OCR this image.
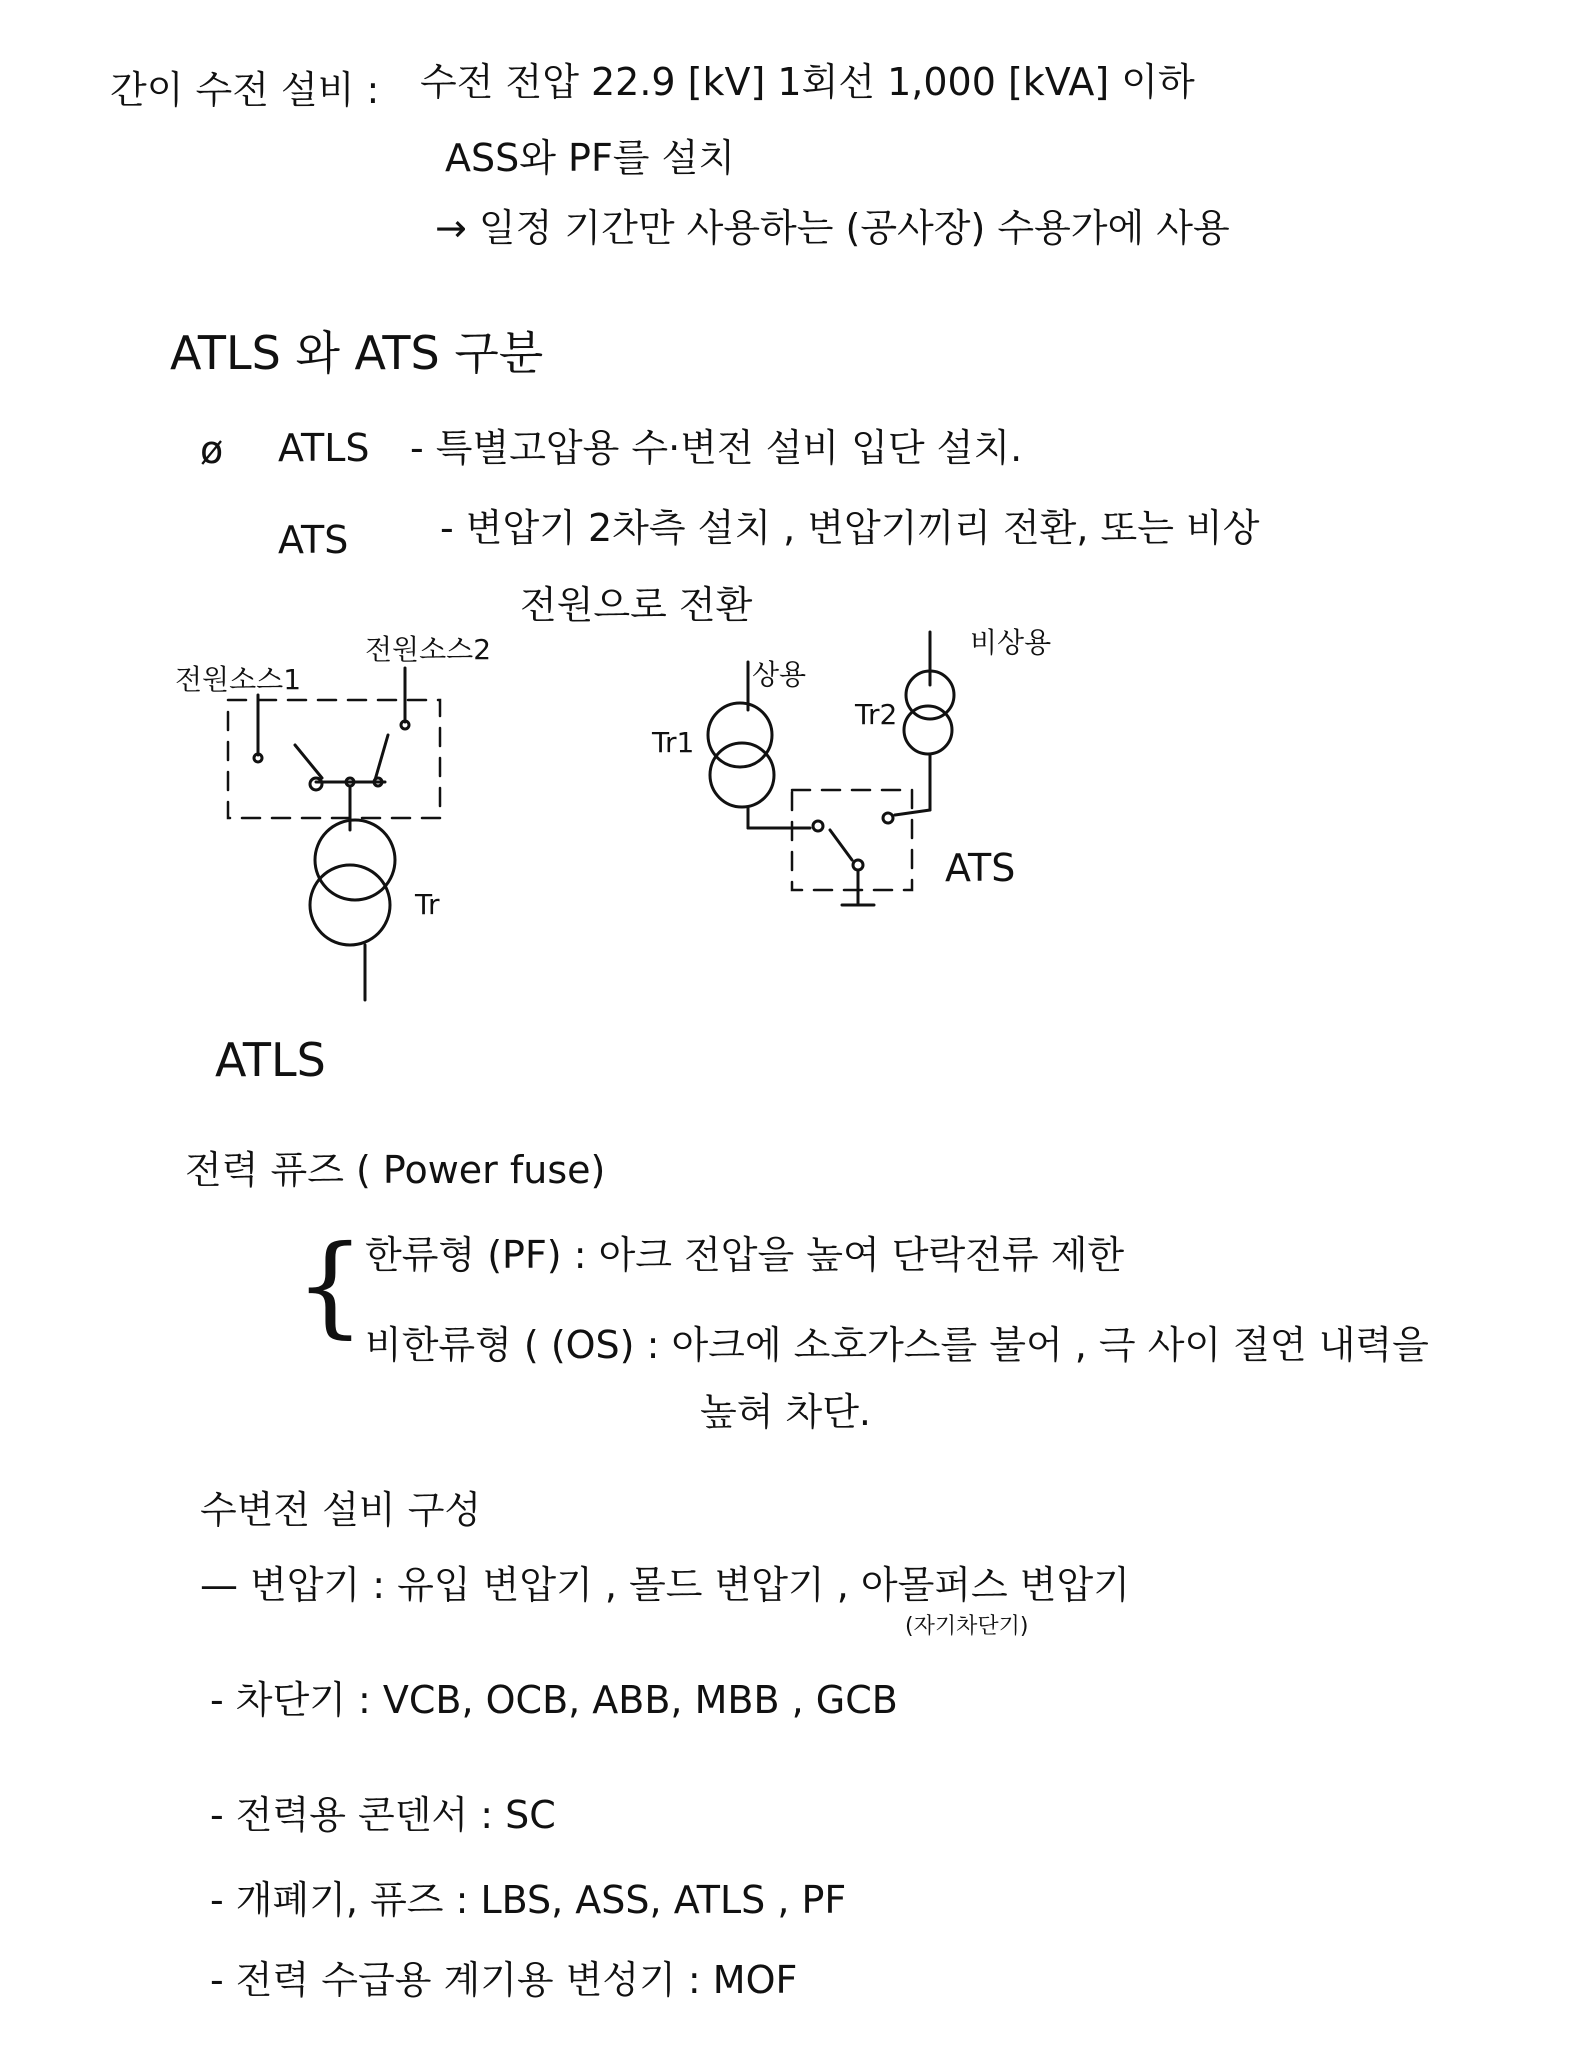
간이 수전 설비 : 수전 전압 22.9 [kV] 1회선 1,000 [kVA] 이하
ASS와 PF를 설치
→ 일정 기간만 사용하는 (공사장) 수용가에 사용
ATLS 와 ATS 구분
ø ATLS - 특별고압용 수·변전 설비 입단 설치.
ATS - 변압기 2차측 설치 , 변압기끼리 전환, 또는 비상
전원으로 전환
전원소스1
전원소스2
Tr
ATLS
상용
비상용
Tr1
Tr2
ATS
전력 퓨즈 ( Power fuse)
{ 한류형 (PF) : 아크 전압을 높여 단락전류 제한
비한류형 ( (OS) : 아크에 소호가스를 불어 , 극 사이 절연 내력을
높혀 차단.
수변전 설비 구성
— 변압기 : 유입 변압기 , 몰드 변압기 , 아몰퍼스 변압기
(자기차단기)
- 차단기 : VCB, OCB, ABB, MBB , GCB
- 전력용 콘덴서 : SC
- 개폐기, 퓨즈 : LBS, ASS, ATLS , PF
- 전력 수급용 계기용 변성기 : MOF
